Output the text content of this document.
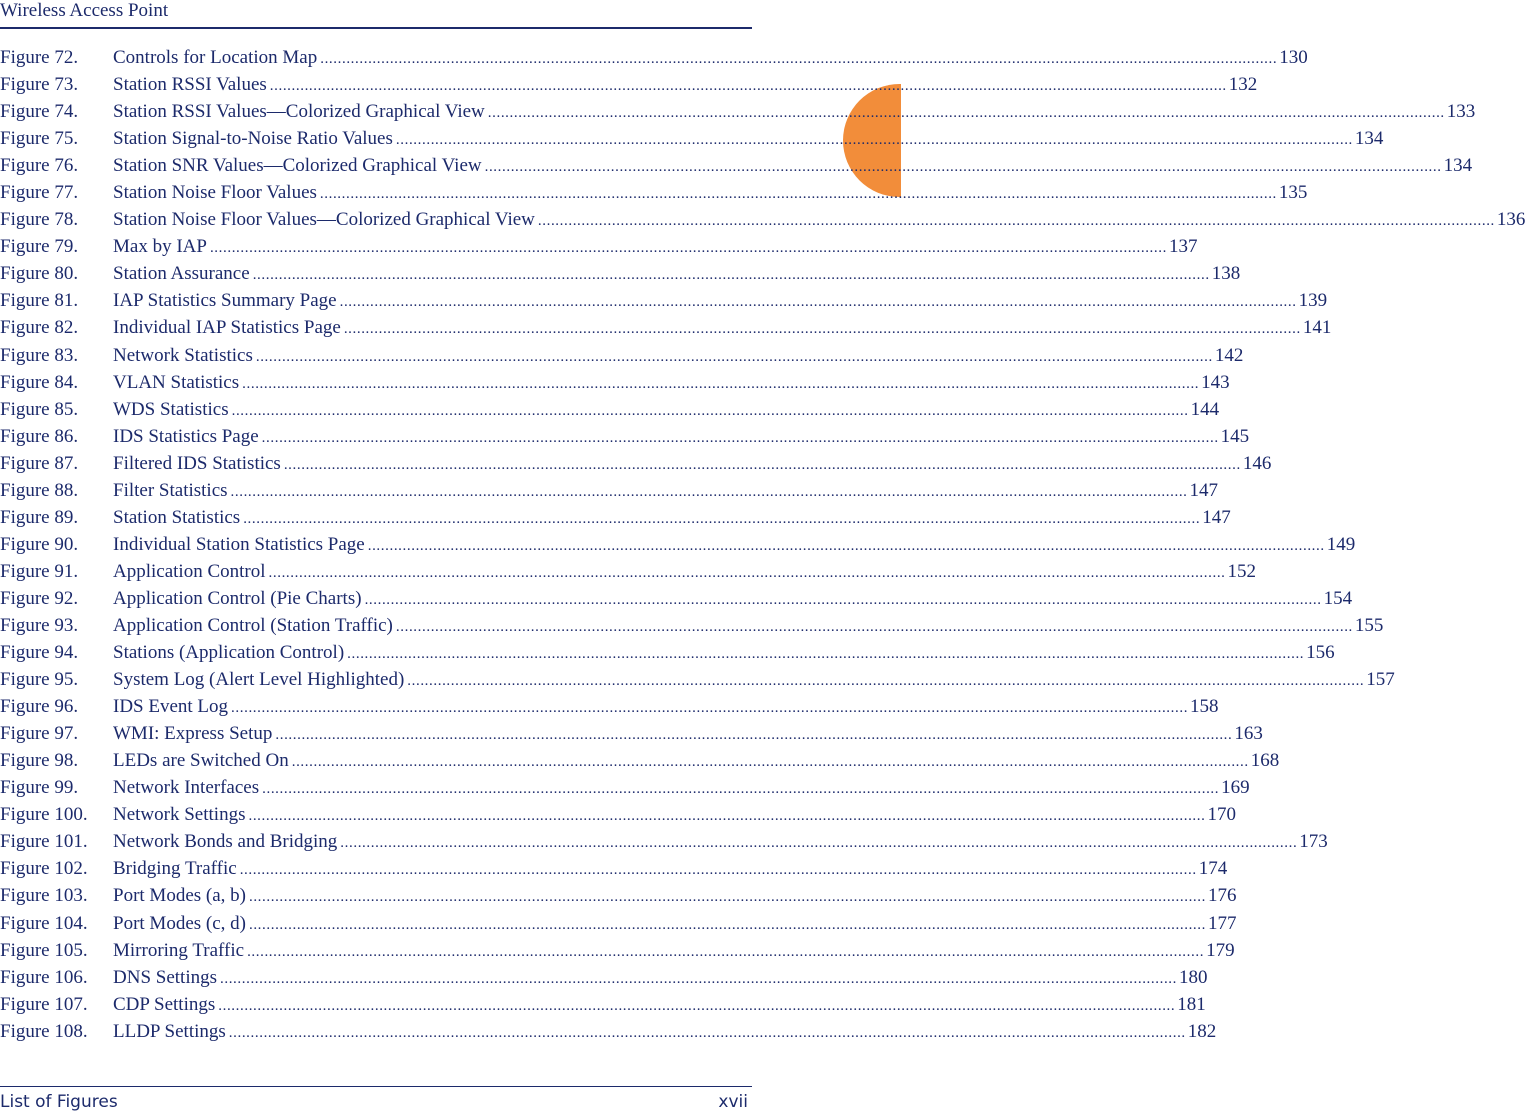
Wireless Access Point
Figure 72.	Controls for Location Map ............................................................................................................................................................................................................................ 130
Figure 73.	Station RSSI Values ............................................................................................................................................................................................................................ 132
Figure 74.	Station RSSI Values—Colorized Graphical View ............................................................................................................................................................................................................................ 133
Figure 75.	Station Signal-to-Noise Ratio Values ............................................................................................................................................................................................................................ 134
Figure 76.	Station SNR Values—Colorized Graphical View ............................................................................................................................................................................................................................ 134
Figure 77.	Station Noise Floor Values ............................................................................................................................................................................................................................ 135
Figure 78.	Station Noise Floor Values—Colorized Graphical View ............................................................................................................................................................................................................................ 136
Figure 79.	Max by IAP ............................................................................................................................................................................................................................ 137
Figure 80.	Station Assurance ............................................................................................................................................................................................................................ 138
Figure 81.	IAP Statistics Summary Page ............................................................................................................................................................................................................................ 139
Figure 82.	Individual IAP Statistics Page ............................................................................................................................................................................................................................ 141
Figure 83.	Network Statistics ............................................................................................................................................................................................................................ 142
Figure 84.	VLAN Statistics ............................................................................................................................................................................................................................ 143
Figure 85.	WDS Statistics ............................................................................................................................................................................................................................ 144
Figure 86.	IDS Statistics Page ............................................................................................................................................................................................................................ 145
Figure 87.	Filtered IDS Statistics ............................................................................................................................................................................................................................ 146
Figure 88.	Filter Statistics ............................................................................................................................................................................................................................ 147
Figure 89.	Station Statistics ............................................................................................................................................................................................................................ 147
Figure 90.	Individual Station Statistics Page ............................................................................................................................................................................................................................ 149
Figure 91.	Application Control ............................................................................................................................................................................................................................ 152
Figure 92.	Application Control (Pie Charts) ............................................................................................................................................................................................................................ 154
Figure 93.	Application Control (Station Traffic) ............................................................................................................................................................................................................................ 155
Figure 94.	Stations (Application Control) ............................................................................................................................................................................................................................ 156
Figure 95.	System Log (Alert Level Highlighted) ............................................................................................................................................................................................................................ 157
Figure 96.	IDS Event Log ............................................................................................................................................................................................................................ 158
Figure 97.	WMI: Express Setup ............................................................................................................................................................................................................................ 163
Figure 98.	LEDs are Switched On ............................................................................................................................................................................................................................ 168
Figure 99.	Network Interfaces ............................................................................................................................................................................................................................ 169
Figure 100.	Network Settings ............................................................................................................................................................................................................................ 170
Figure 101.	Network Bonds and Bridging ............................................................................................................................................................................................................................ 173
Figure 102.	Bridging Traffic ............................................................................................................................................................................................................................ 174
Figure 103.	Port Modes (a, b) ............................................................................................................................................................................................................................ 176
Figure 104.	Port Modes (c, d) ............................................................................................................................................................................................................................ 177
Figure 105.	Mirroring Traffic ............................................................................................................................................................................................................................ 179
Figure 106.	DNS Settings ............................................................................................................................................................................................................................ 180
Figure 107.	CDP Settings ............................................................................................................................................................................................................................ 181
Figure 108.	LLDP Settings ............................................................................................................................................................................................................................ 182
List of Figures	xvii
